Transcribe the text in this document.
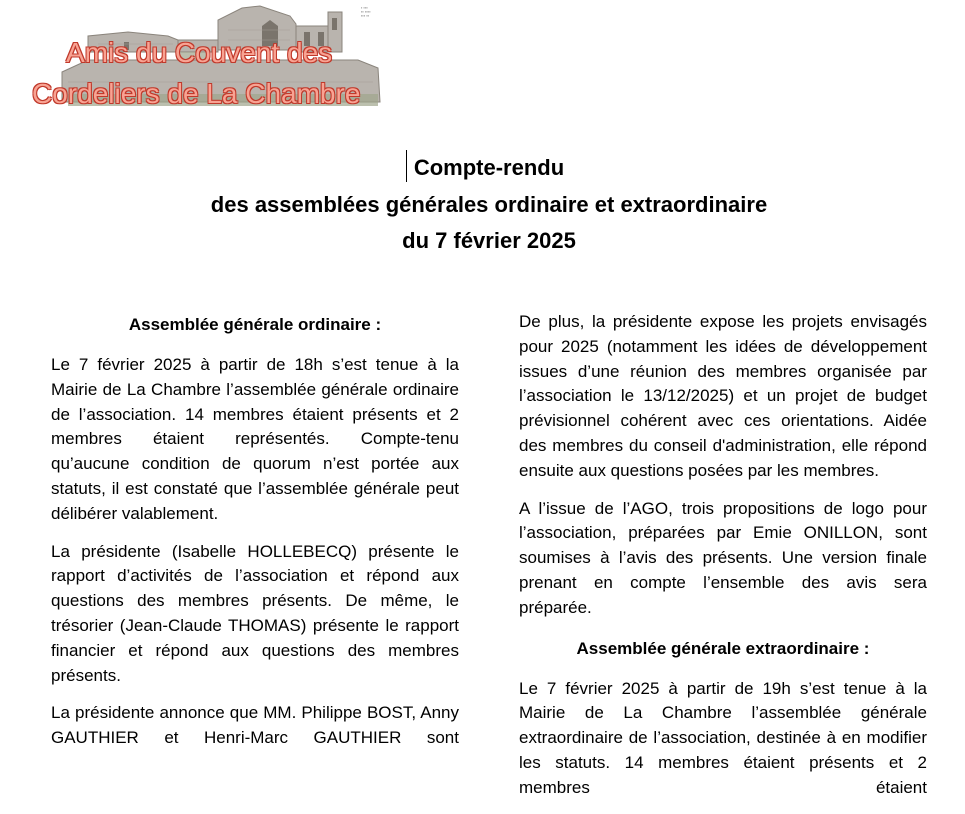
▪ ▪▪▪
▪▪ ▪▪▪▪
▪▪▪ ▪▪
Amis du Couvent des
Cordeliers de La Chambre
Compte-rendu
des assemblées générales ordinaire et extraordinaire
du 7 février 2025
Assemblée générale ordinaire :

Le 7 février 2025 à partir de 18h s’est tenue à la Mairie de La Chambre l’assemblée générale ordinaire de l’association. 14 membres étaient présents et 2 membres étaient représentés. Compte-tenu qu’aucune condition de quorum n’est portée aux statuts, il est constaté que l’assemblée générale peut délibérer valablement.

La présidente (Isabelle HOLLEBECQ) présente le rapport d’activités de l’association et répond aux questions des membres présents. De même, le trésorier (Jean-Claude THOMAS) présente le rapport financier et répond aux questions des membres présents.

La présidente annonce que MM. Philippe BOST, Anny GAUTHIER et Henri-Marc GAUTHIER sont

De plus, la présidente expose les projets envisagés pour 2025 (notamment les idées de développement issues d’une réunion des membres organisée par l’association le 13/12/2025) et un projet de budget prévisionnel cohérent avec ces orientations. Aidée des membres du conseil d'administration, elle répond ensuite aux questions posées par les membres.

A l’issue de l’AGO, trois propositions de logo pour l’association, préparées par Emie ONILLON, sont soumises à l’avis des présents. Une version finale prenant en compte l’ensemble des avis sera préparée.

Assemblée générale extraordinaire :

Le 7 février 2025 à partir de 19h s’est tenue à la Mairie de La Chambre l’assemblée générale extraordinaire de l’association, destinée à en modifier les statuts. 14 membres étaient présents et 2 membres étaient
